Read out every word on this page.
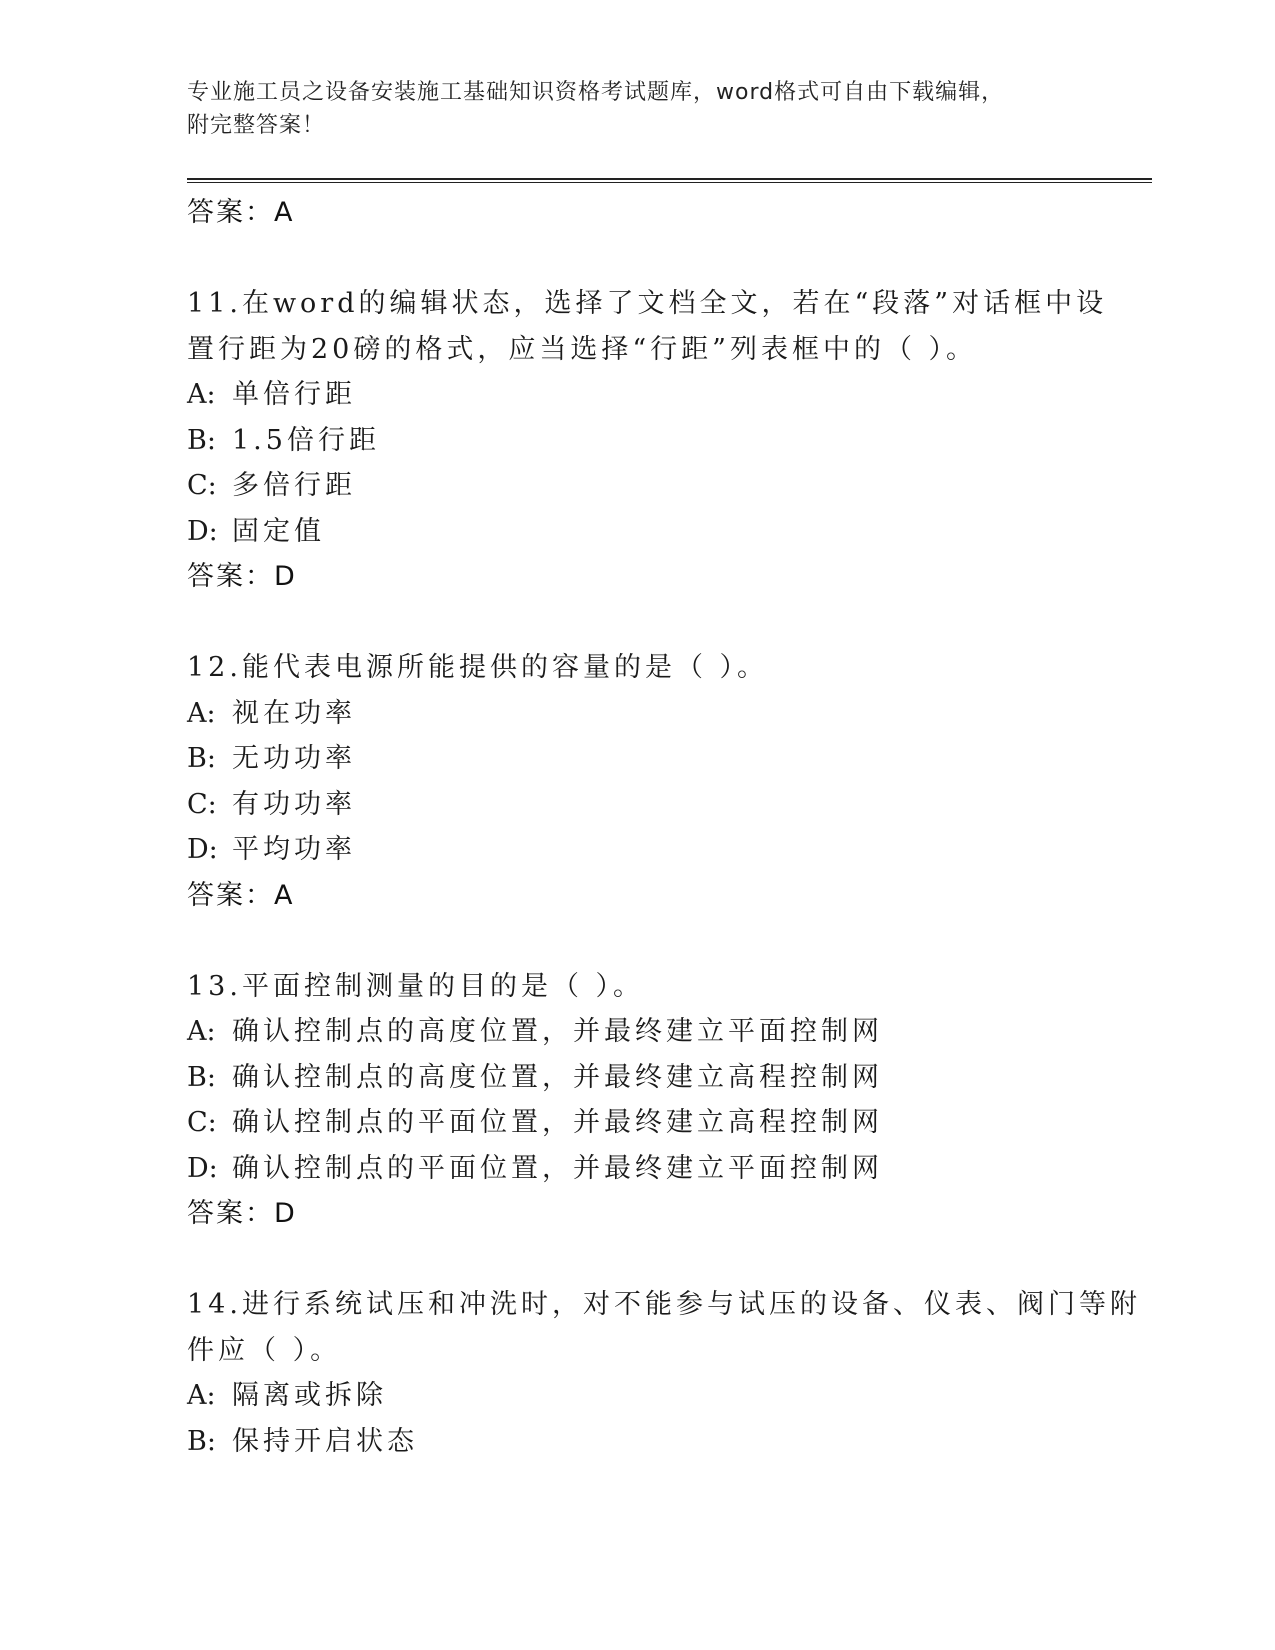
专业施工员之设备安装施工基础知识资格考试题库，word格式可自由下载编辑，
附完整答案！
答案：A
11.在word的编辑状态，选择了文档全文，若在“段落”对话框中设
置行距为20磅的格式，应当选择“行距”列表框中的（ ）。
A: 单倍行距
B: 1.5倍行距
C: 多倍行距
D: 固定值
答案：D
12.能代表电源所能提供的容量的是（ ）。
A: 视在功率
B: 无功功率
C: 有功功率
D: 平均功率
答案：A
13.平面控制测量的目的是（ ）。
A: 确认控制点的高度位置，并最终建立平面控制网
B: 确认控制点的高度位置，并最终建立高程控制网
C: 确认控制点的平面位置，并最终建立高程控制网
D: 确认控制点的平面位置，并最终建立平面控制网
答案：D
14.进行系统试压和冲洗时，对不能参与试压的设备、仪表、阀门等附
件应（ ）。
A: 隔离或拆除
B: 保持开启状态
